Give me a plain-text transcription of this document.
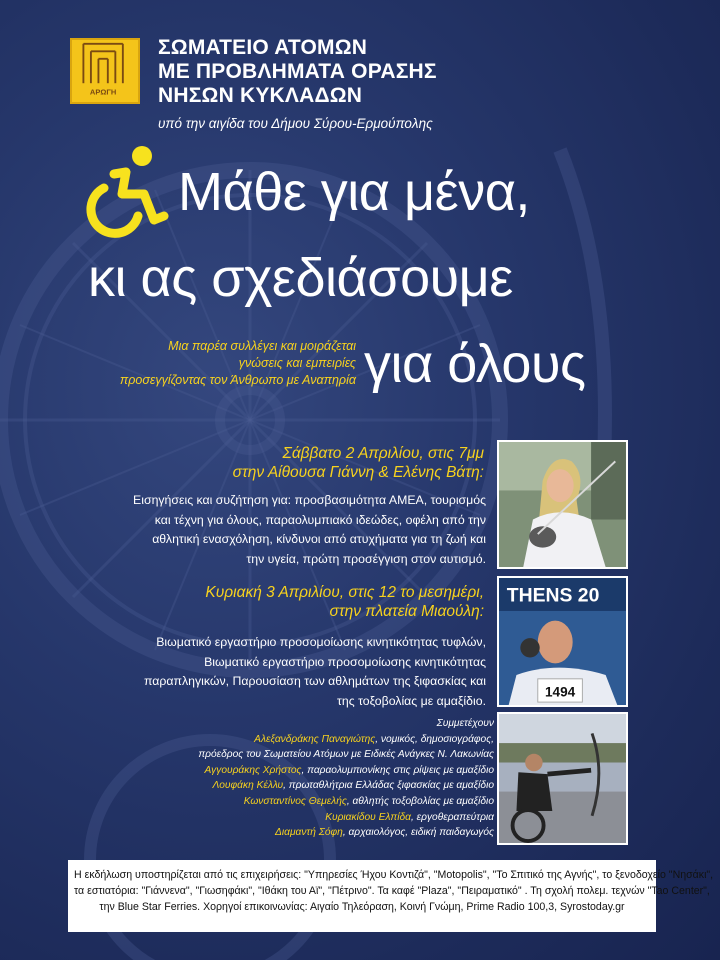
ΑΡΩΓΗ
ΣΩΜΑΤΕΙΟ ΑΤΟΜΩΝ
ΜΕ ΠΡΟΒΛΗΜΑΤΑ ΟΡΑΣΗΣ
ΝΗΣΩΝ ΚΥΚΛΑΔΩΝ
υπό την αιγίδα του Δήμου Σύρου-Ερμούπολης
Μάθε για μένα,
κι ας σχεδιάσουμε
για όλους
Μια παρέα συλλέγει και μοιράζεται
γνώσεις και εμπειρίες
προσεγγίζοντας τον Άνθρωπο με Αναπηρία
Σάββατο 2 Απριλίου, στις 7μμ
στην Αίθουσα Γιάννη & Ελένης Βάτη:
Εισηγήσεις και συζήτηση για: προσβασιμότητα ΑΜΕΑ, τουρισμός
και τέχνη για όλους, παραολυμπιακό ιδεώδες, οφέλη από την
αθλητική ενασχόληση, κίνδυνοι από ατυχήματα για τη ζωή και
την υγεία, πρώτη προσέγγιση στον αυτισμό.
Κυριακή 3 Απριλίου, στις 12 το μεσημέρι,
στην πλατεία Μιαούλη:
Βιωματικό εργαστήριο προσομοίωσης κινητικότητας τυφλών,
Βιωματικό εργαστήριο προσομοίωσης κινητικότητας
παραπληγικών, Παρουσίαση των αθλημάτων της ξιφασκίας και
της τοξοβολίας με αμαξίδιο.
THENS 20
1494
Συμμετέχουν
Αλεξανδράκης Παναγιώτης, νομικός, δημοσιογράφος,
πρόεδρος του Σωματείου Ατόμων με Ειδικές Ανάγκες Ν. Λακωνίας
Αγγουράκης Χρήστος, παραολυμπιονίκης στις ρίψεις με αμαξίδιο
Λουφάκη Κέλλυ, πρωταθλήτρια Ελλάδας ξιφασκίας με αμαξίδιο
Κωνσταντίνος Θεμελής, αθλητής τοξοβολίας με αμαξίδιο
Κυριακίδου Ελπίδα, εργοθεραπεύτρια
Διαμαντή Σόφη, αρχαιολόγος, ειδική παιδαγωγός
Η εκδήλωση υποστηρίζεται από τις επιχειρήσεις: "Υπηρεσίες Ήχου Κοντιζά", "Motopolis", "Το Σπιτικό της Αγνής", το ξενοδοχείο "Νησάκι",
τα εστιατόρια: "Γιάννενα", "Γιωσηφάκι", "Ιθάκη του Αϊ", "Πέτρινο". Τα καφέ "Plaza", "Πειραματικό" . Τη σχολή πολεμ. τεχνών "Tao Center",
την Blue Star Ferries. Χορηγοί επικοινωνίας: Αιγαίο Τηλεόραση, Κοινή Γνώμη, Prime Radio 100,3, Syrostoday.gr
